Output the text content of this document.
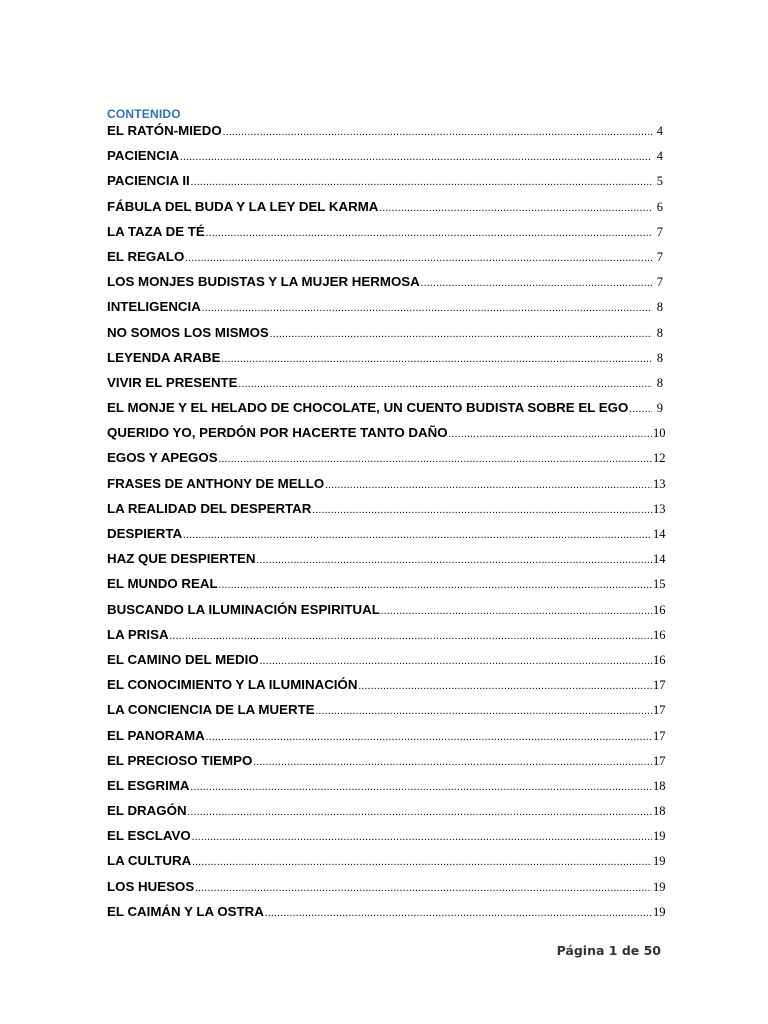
CONTENIDO
EL RATÓN-MIEDO .....	4
PACIENCIA .....	4
PACIENCIA II .....	5
FÁBULA DEL BUDA Y LA LEY DEL KARMA .....	6
LA TAZA DE TÉ .....	7
EL REGALO .....	7
LOS MONJES BUDISTAS Y LA MUJER HERMOSA .....	7
INTELIGENCIA .....	8
NO SOMOS LOS MISMOS .....	8
LEYENDA ARABE .....	8
VIVIR EL PRESENTE .....	8
EL MONJE Y EL HELADO DE CHOCOLATE, UN CUENTO BUDISTA SOBRE EL EGO .....	9
QUERIDO YO, PERDÓN POR HACERTE TANTO DAÑO .....	10
EGOS Y APEGOS .....	12
FRASES DE ANTHONY DE MELLO .....	13
LA REALIDAD DEL DESPERTAR .....	13
DESPIERTA .....	14
HAZ QUE DESPIERTEN .....	14
EL MUNDO REAL .....	15
BUSCANDO LA ILUMINACIÓN ESPIRITUAL .....	16
LA PRISA .....	16
EL CAMINO DEL MEDIO .....	16
EL CONOCIMIENTO Y LA ILUMINACIÓN .....	17
LA CONCIENCIA DE LA MUERTE .....	17
EL PANORAMA .....	17
EL PRECIOSO TIEMPO .....	17
EL ESGRIMA .....	18
EL DRAGÓN .....	18
EL ESCLAVO .....	19
LA CULTURA .....	19
LOS HUESOS .....	19
EL CAIMÁN Y LA OSTRA .....	19
Página 1 de 50
